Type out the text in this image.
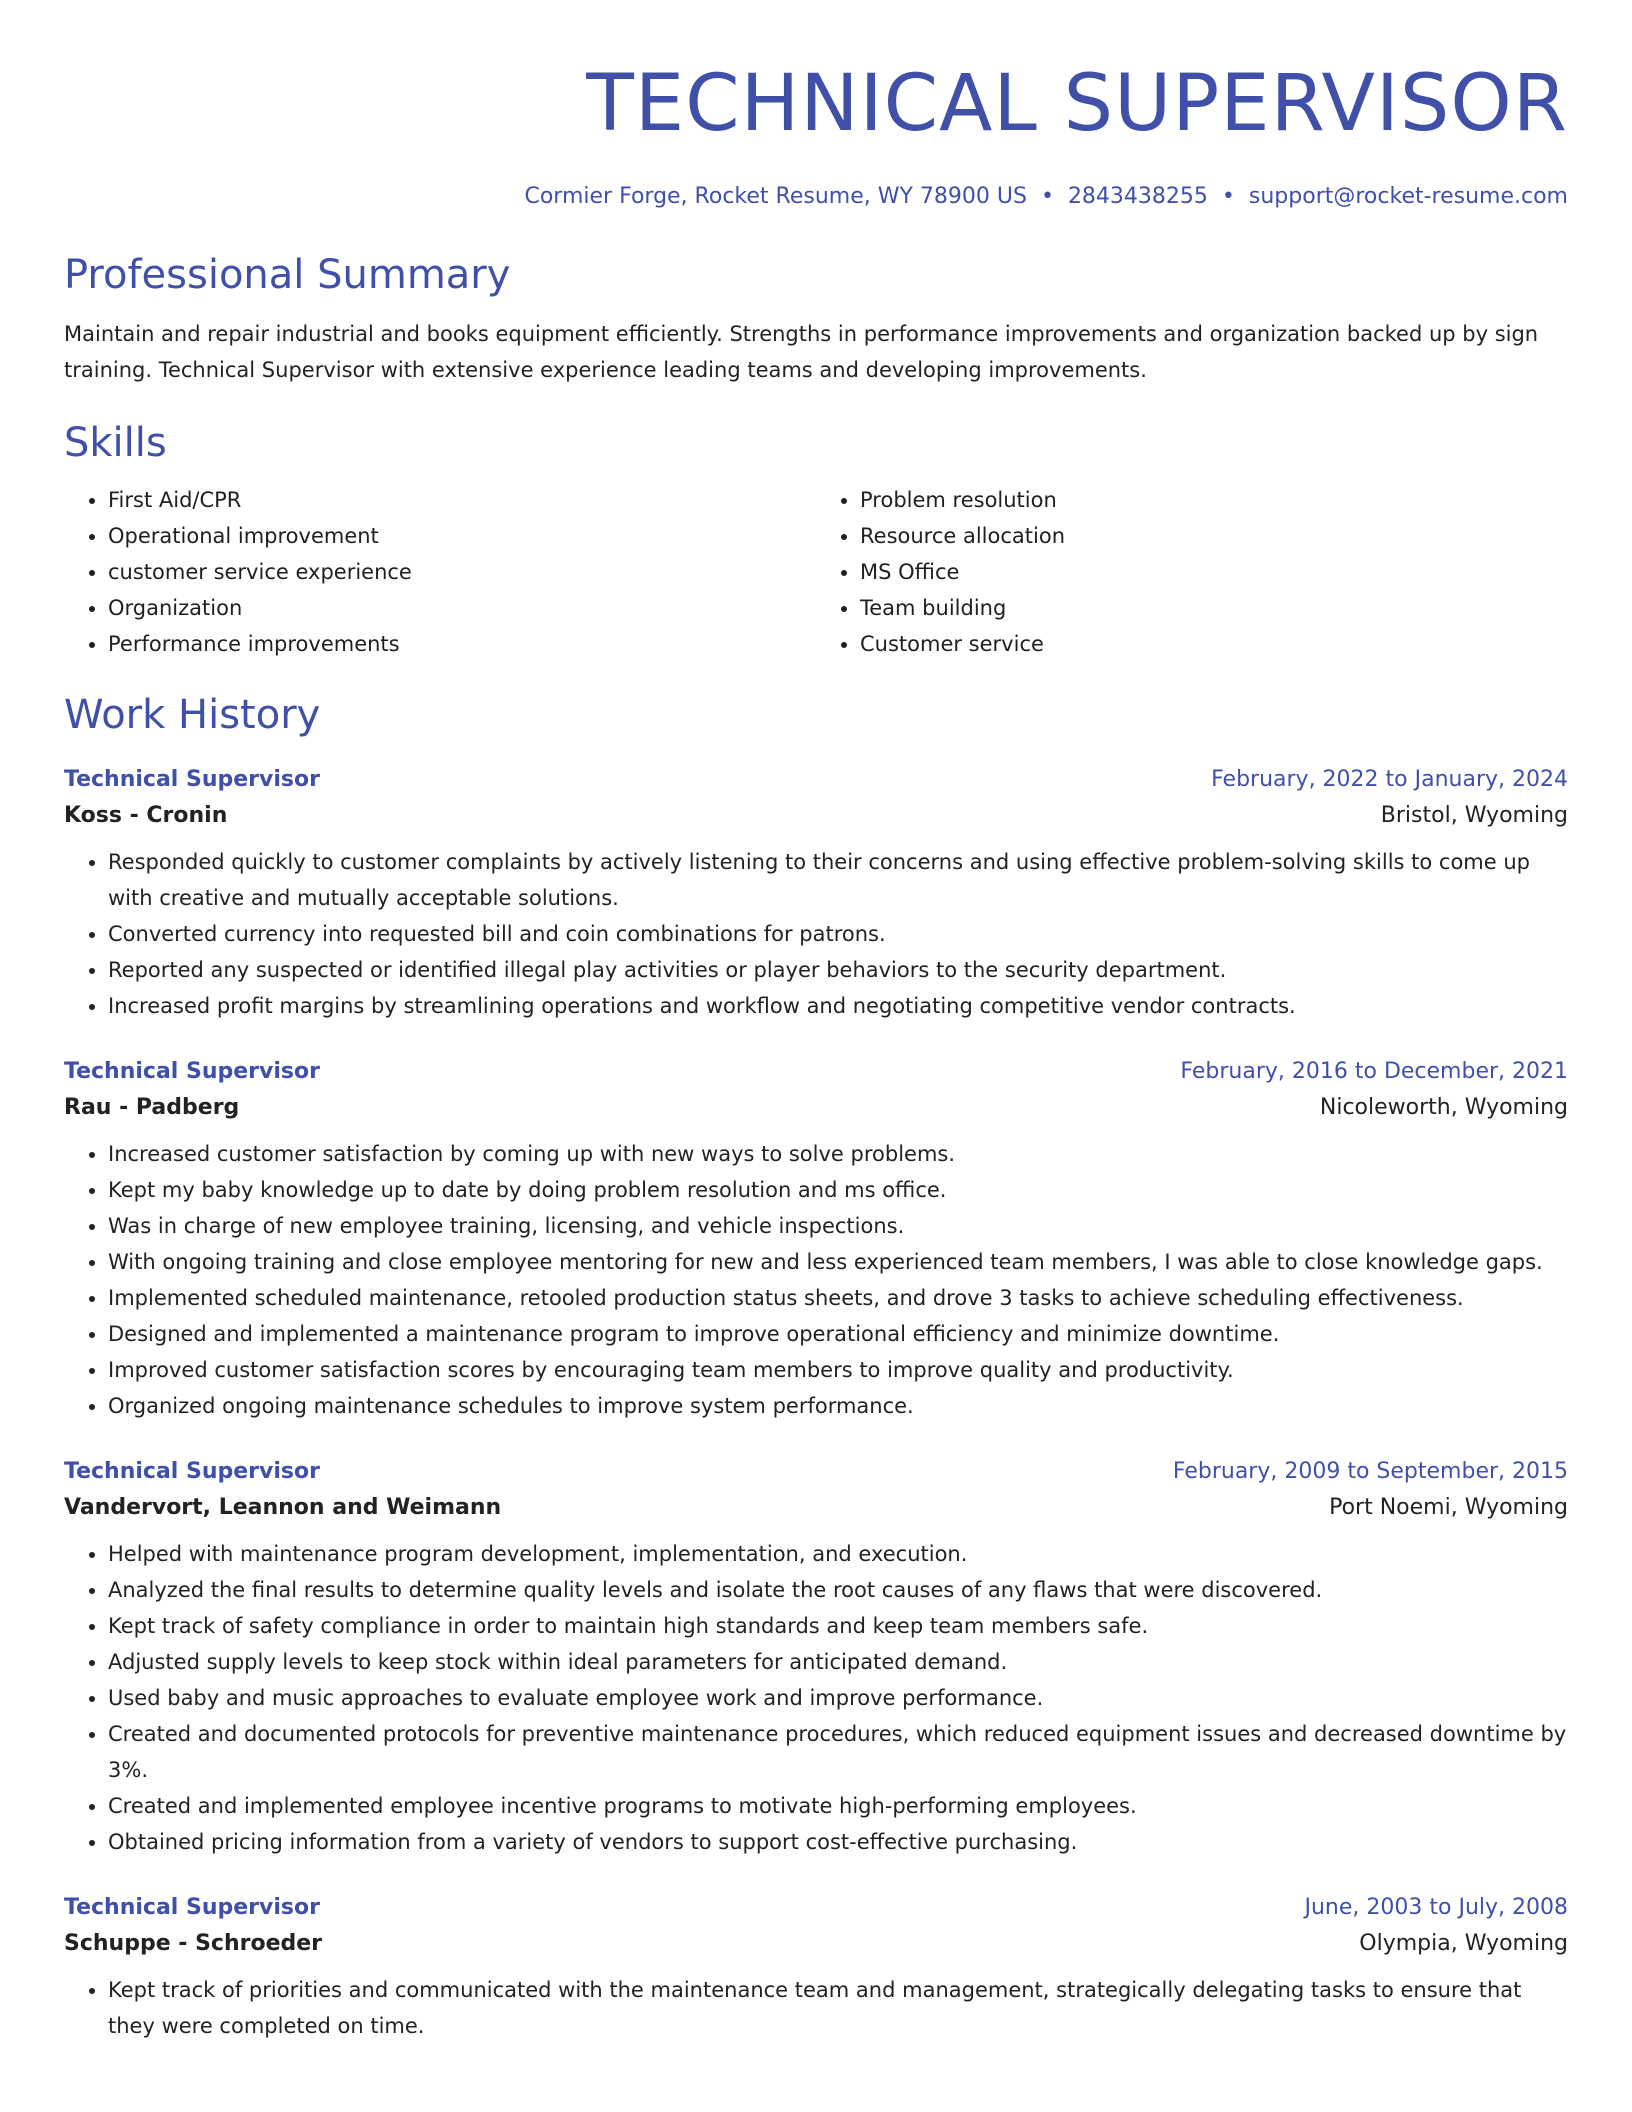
TECHNICAL SUPERVISOR
Cormier Forge, Rocket Resume, WY 78900 US • 2843438255 • support@rocket-resume.com
Professional Summary
Maintain and repair industrial and books equipment efficiently. Strengths in performance improvements and organization backed up by sign training. Technical Supervisor with extensive experience leading teams and developing improvements.
Skills
• First Aid/CPR
• Operational improvement
• customer service experience
• Organization
• Performance improvements
• Problem resolution
• Resource allocation
• MS Office
• Team building
• Customer service
Work History
Technical Supervisor	February, 2022 to January, 2024
Koss - Cronin	Bristol, Wyoming
• Responded quickly to customer complaints by actively listening to their concerns and using effective problem-solving skills to come up with creative and mutually acceptable solutions.
• Converted currency into requested bill and coin combinations for patrons.
• Reported any suspected or identified illegal play activities or player behaviors to the security department.
• Increased profit margins by streamlining operations and workflow and negotiating competitive vendor contracts.
Technical Supervisor	February, 2016 to December, 2021
Rau - Padberg	Nicoleworth, Wyoming
• Increased customer satisfaction by coming up with new ways to solve problems.
• Kept my baby knowledge up to date by doing problem resolution and ms office.
• Was in charge of new employee training, licensing, and vehicle inspections.
• With ongoing training and close employee mentoring for new and less experienced team members, I was able to close knowledge gaps.
• Implemented scheduled maintenance, retooled production status sheets, and drove 3 tasks to achieve scheduling effectiveness.
• Designed and implemented a maintenance program to improve operational efficiency and minimize downtime.
• Improved customer satisfaction scores by encouraging team members to improve quality and productivity.
• Organized ongoing maintenance schedules to improve system performance.
Technical Supervisor	February, 2009 to September, 2015
Vandervort, Leannon and Weimann	Port Noemi, Wyoming
• Helped with maintenance program development, implementation, and execution.
• Analyzed the final results to determine quality levels and isolate the root causes of any flaws that were discovered.
• Kept track of safety compliance in order to maintain high standards and keep team members safe.
• Adjusted supply levels to keep stock within ideal parameters for anticipated demand.
• Used baby and music approaches to evaluate employee work and improve performance.
• Created and documented protocols for preventive maintenance procedures, which reduced equipment issues and decreased downtime by 3%.
• Created and implemented employee incentive programs to motivate high-performing employees.
• Obtained pricing information from a variety of vendors to support cost-effective purchasing.
Technical Supervisor	June, 2003 to July, 2008
Schuppe - Schroeder	Olympia, Wyoming
• Kept track of priorities and communicated with the maintenance team and management, strategically delegating tasks to ensure that they were completed on time.
